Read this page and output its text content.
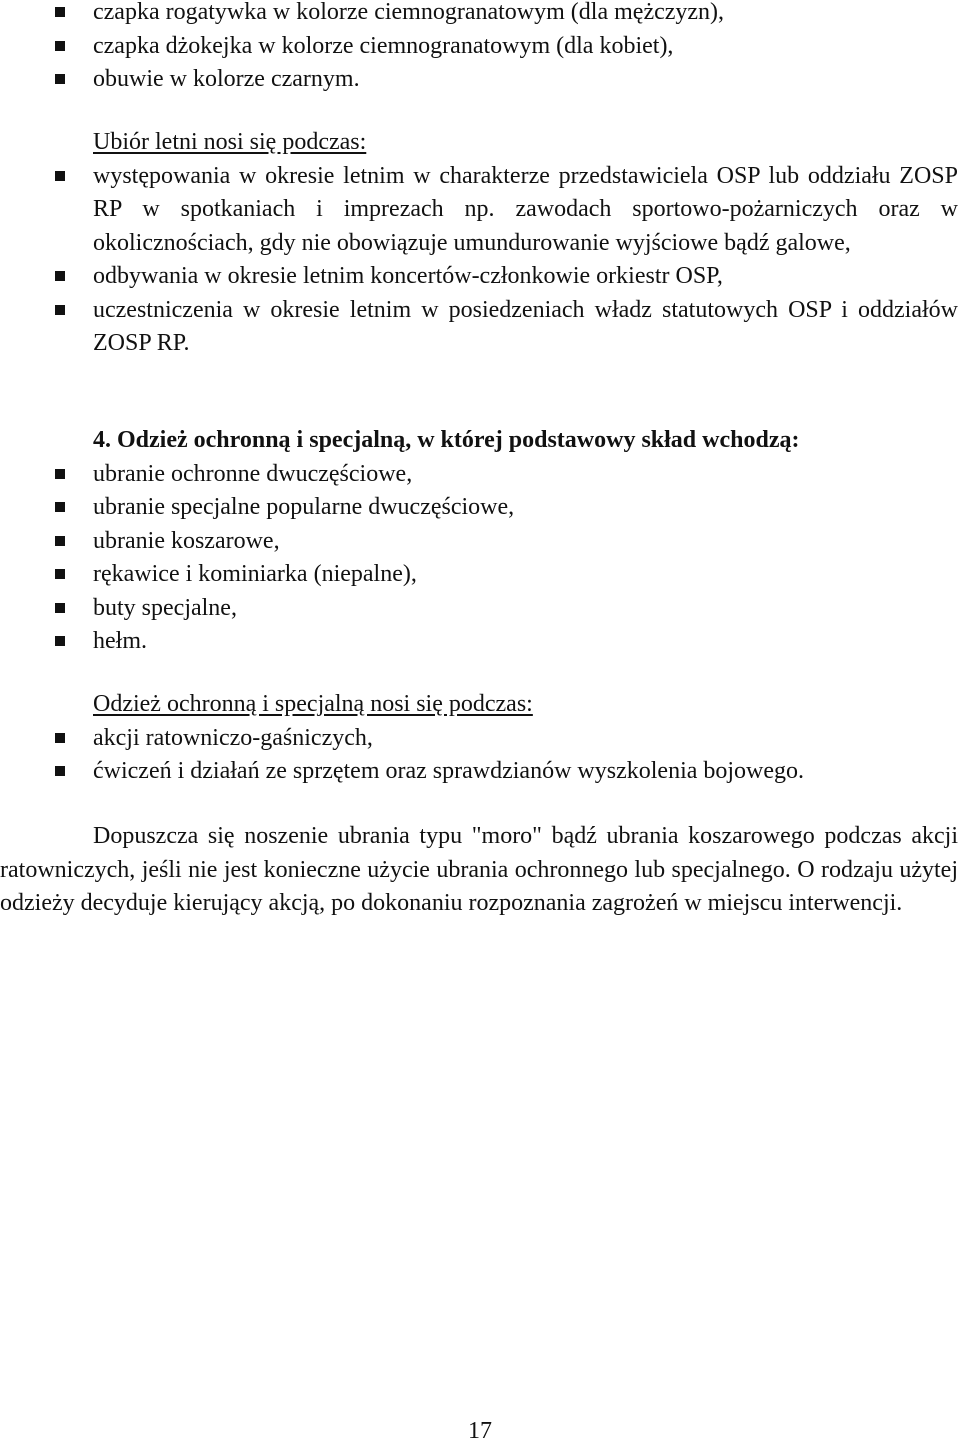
czapka rogatywka w kolorze ciemnogranatowym (dla mężczyzn),
czapka dżokejka w kolorze ciemnogranatowym (dla kobiet),
obuwie w kolorze czarnym.

Ubiór letni nosi się podczas:

występowania w okresie letnim w charakterze przedstawiciela OSP lub oddziału ZOSP RP w spotkaniach i imprezach np. zawodach sportowo-pożarniczych oraz w okolicznościach, gdy nie obowiązuje umundurowanie wyjściowe bądź galowe,
odbywania w okresie letnim koncertów-członkowie orkiestr OSP,
uczestniczenia w okresie letnim w posiedzeniach władz statutowych OSP i oddziałów ZOSP RP.

4. Odzież ochronną i specjalną, w której podstawowy skład wchodzą:

ubranie ochronne dwuczęściowe,
ubranie specjalne popularne dwuczęściowe,
ubranie koszarowe,
rękawice i kominiarka (niepalne),
buty specjalne,
hełm.

Odzież ochronną i specjalną nosi się podczas:

akcji ratowniczo-gaśniczych,
ćwiczeń i działań ze sprzętem oraz sprawdzianów wyszkolenia bojowego.

Dopuszcza się noszenie ubrania typu "moro" bądź ubrania koszarowego podczas akcji ratowniczych, jeśli nie jest konieczne użycie ubrania ochronnego lub specjalnego. O rodzaju użytej odzieży decyduje kierujący akcją, po dokonaniu rozpoznania zagrożeń w miejscu interwencji.

17
